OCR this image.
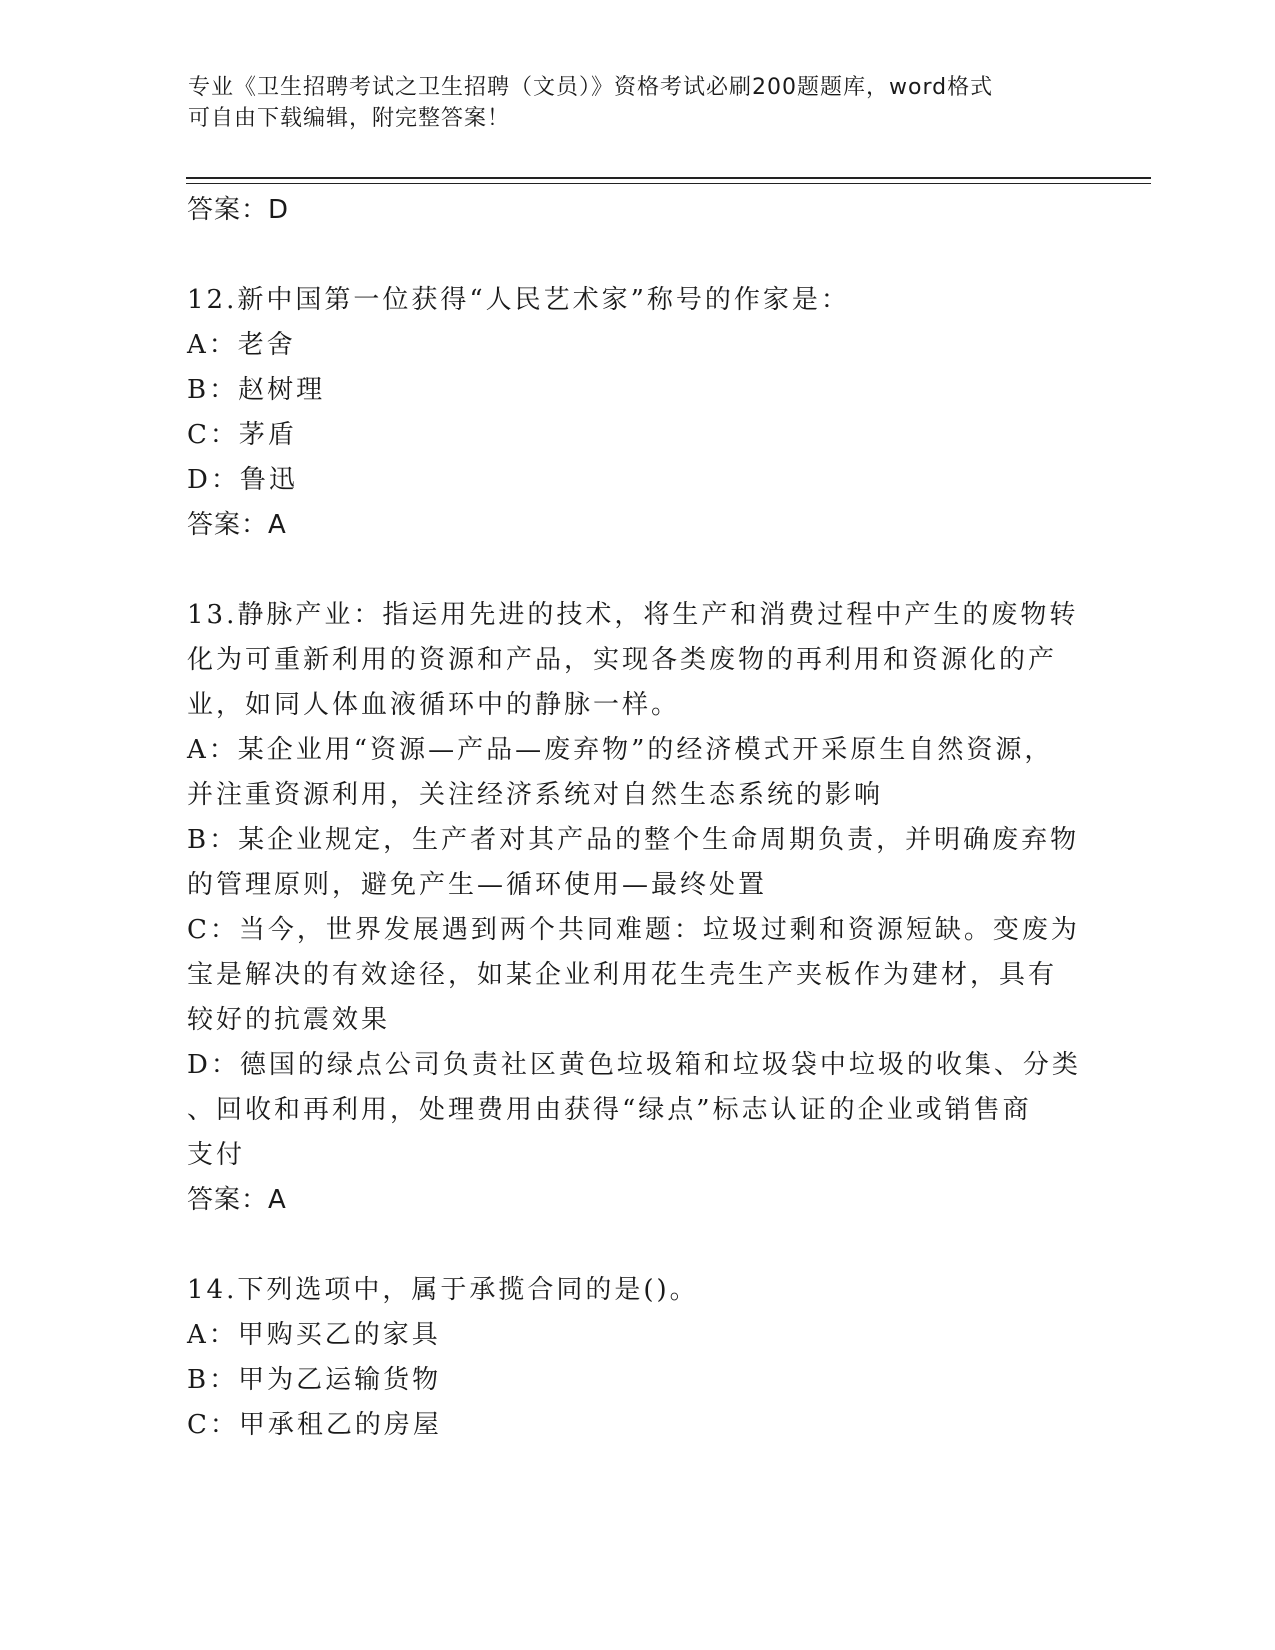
专业《卫生招聘考试之卫生招聘（文员）》资格考试必刷200题题库，word格式
可自由下载编辑，附完整答案！
答案：D
12.新中国第一位获得“人民艺术家”称号的作家是：
A：老舍
B：赵树理
C：茅盾
D：鲁迅
答案：A
13.静脉产业：指运用先进的技术，将生产和消费过程中产生的废物转
化为可重新利用的资源和产品，实现各类废物的再利用和资源化的产
业，如同人体血液循环中的静脉一样。
A：某企业用“资源—产品—废弃物”的经济模式开采原生自然资源，
并注重资源利用，关注经济系统对自然生态系统的影响
B：某企业规定，生产者对其产品的整个生命周期负责，并明确废弃物
的管理原则，避免产生—循环使用—最终处置
C：当今，世界发展遇到两个共同难题：垃圾过剩和资源短缺。变废为
宝是解决的有效途径，如某企业利用花生壳生产夹板作为建材，具有
较好的抗震效果
D：德国的绿点公司负责社区黄色垃圾箱和垃圾袋中垃圾的收集、分类
、回收和再利用，处理费用由获得“绿点”标志认证的企业或销售商
支付
答案：A
14.下列选项中，属于承揽合同的是()。
A：甲购买乙的家具
B：甲为乙运输货物
C：甲承租乙的房屋
